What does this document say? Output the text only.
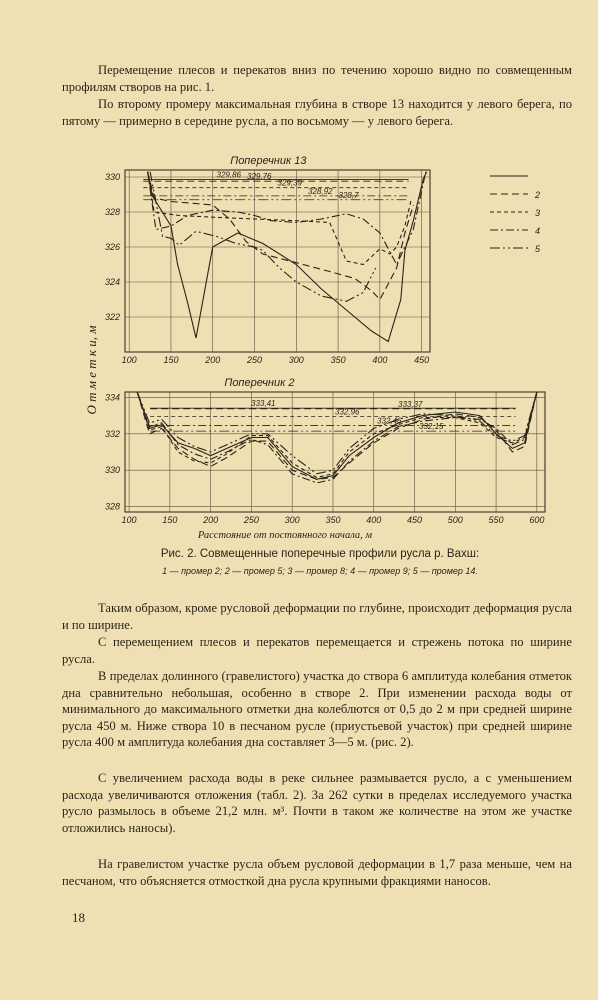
Перемещение плесов и перекатов вниз по течению хорошо видно по совмещенным профилям створов на рис. 1.

По второму промеру максимальная глубина в створе 13 находится у левого берега, по пятому — примерно в середине русла, а по восьмому — у левого берега.

100	150	200	250	300	350	400	450
322
324
326
328
330
Поперечник 13
329,86 329,76
329,39
328,92 328,7
100	150	200	250	300	350	400	450	500	550	600
328
330
332
334
Поперечник 2
333,41	333,37
332,96
332,46
332,15
О т м е т к и, м
Расстояние от постоянного начала, м
2
3
4
5

Рис. 2. Совмещенные поперечные профили русла р. Вахш:

1 — промер 2; 2 — промер 5; 3 — промер 8; 4 — промер 9; 5 — промер 14.

Таким образом, кроме русловой деформации по глубине, происходит деформация русла и по ширине.

С перемещением плесов и перекатов перемещается и стрежень потока по ширине русла.

В пределах долинного (гравелистого) участка до створа 6 амплитуда колебания отметок дна сравнительно небольшая, особенно в створе 2. При изменении расхода воды от минимального до максимального отметки дна колеблются от 0,5 до 2 м при средней ширине русла 450 м. Ниже створа 10 в песчаном русле (приустьевой участок) при средней ширине русла 400 м амплитуда колебания дна составляет 3—5 м. (рис. 2).

С увеличением расхода воды в реке сильнее размывается русло, а с уменьшением расхода увеличиваются отложения (табл. 2). За 262 сутки в пределах исследуемого участка русло размылось в объеме 21,2 млн. м³. Почти в таком же количестве на этом же участке отложились наносы).

На гравелистом участке русла объем русловой деформации в 1,7 раза меньше, чем на песчаном, что объясняется отмосткой дна русла крупными фракциями наносов.

18
